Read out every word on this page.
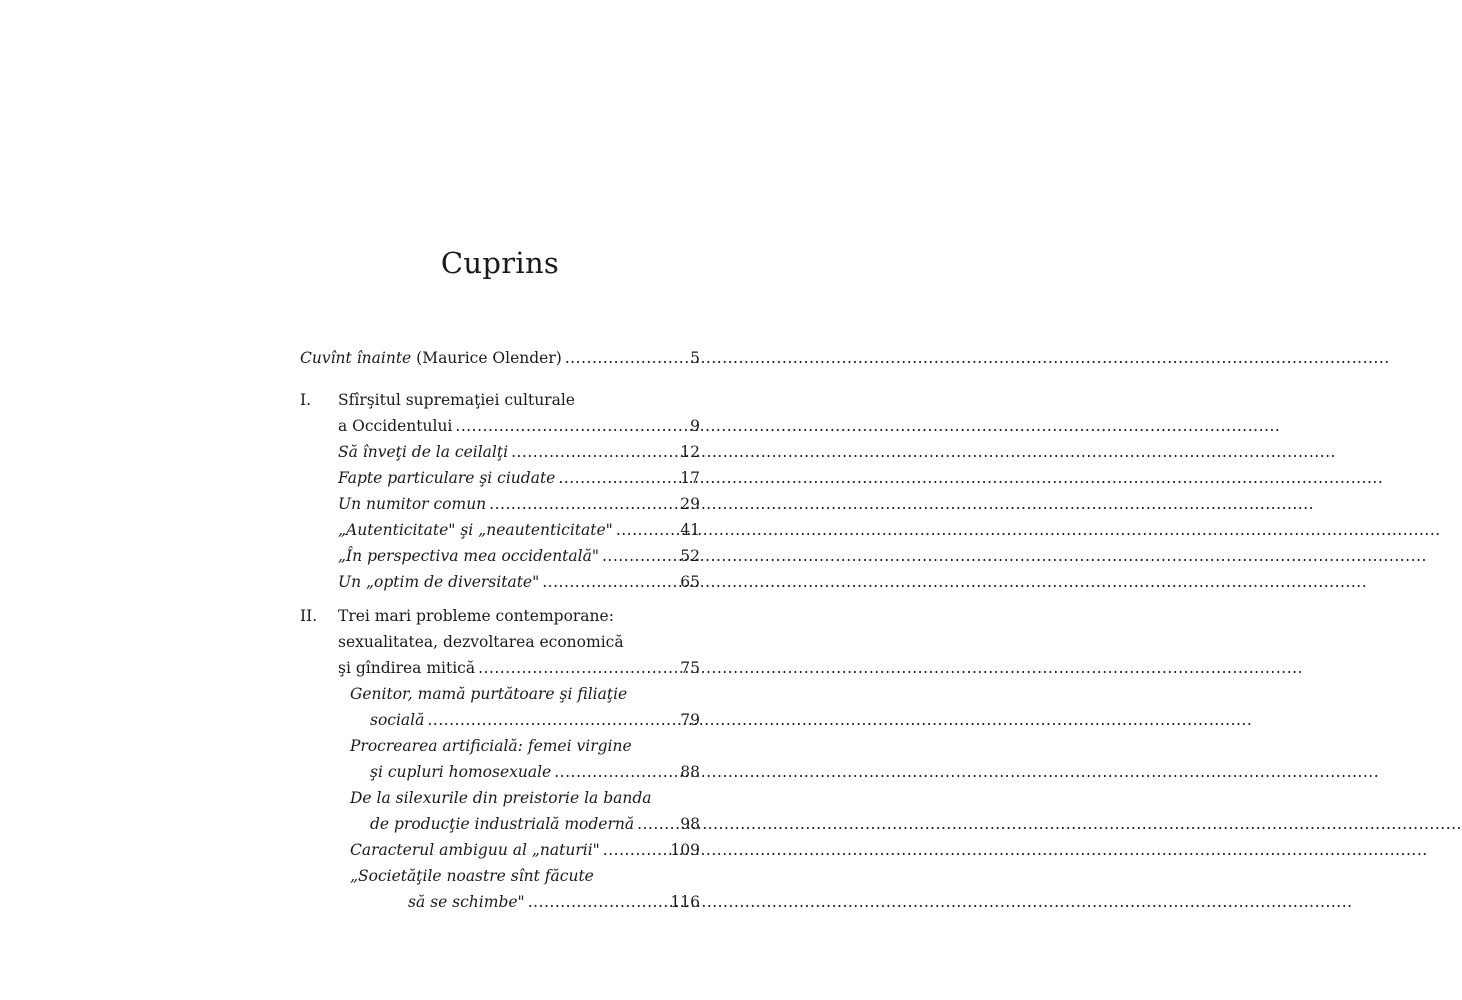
Cuprins
Cuvînt înainte (Maurice Olender) .....	5
I.	Sfîrşitul supremaţiei culturale
a Occidentului .....	9
Să înveţi de la ceilalţi .....	12
Fapte particulare şi ciudate .....	17
Un numitor comun .....	29
„Autenticitate" şi „neautenticitate" .....	41
„În perspectiva mea occidentală" .....	52
Un „optim de diversitate" .....	65
II.	Trei mari probleme contemporane:
sexualitatea, dezvoltarea economică
şi gîndirea mitică .....	75
Genitor, mamă purtătoare şi filiaţie
socială .....	79
Procrearea artificială: femei virgine
şi cupluri homosexuale .....	88
De la silexurile din preistorie la banda
de producţie industrială modernă .....	98
Caracterul ambiguu al „naturii" .....	109
„Societăţile noastre sînt făcute
să se schimbe" .....	116
